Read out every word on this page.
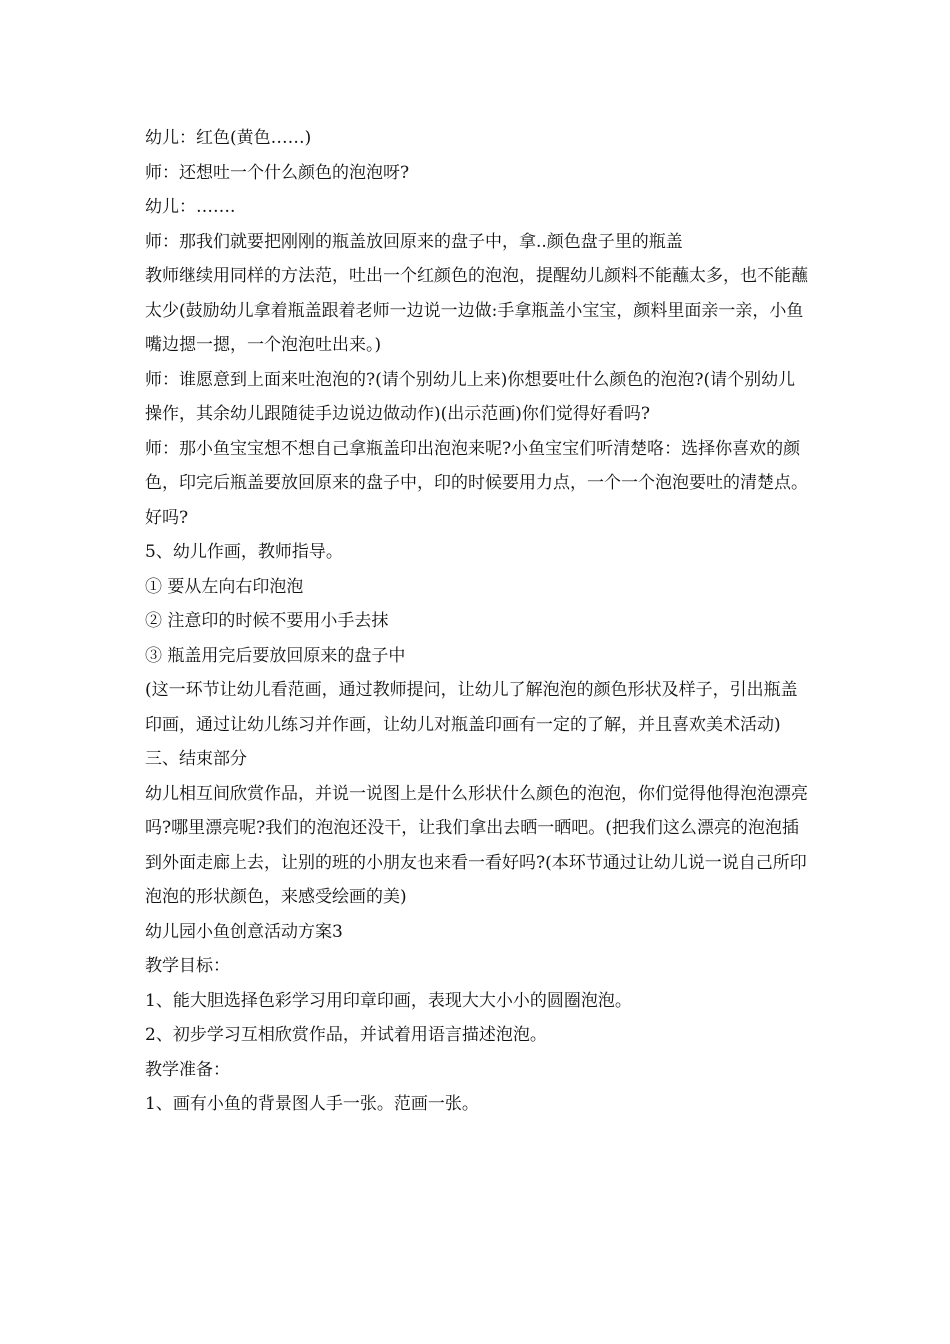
幼儿：红色(黄色……)

师：还想吐一个什么颜色的泡泡呀?

幼儿：…….

师：那我们就要把刚刚的瓶盖放回原来的盘子中，拿..颜色盘子里的瓶盖

教师继续用同样的方法范，吐出一个红颜色的泡泡，提醒幼儿颜料不能蘸太多，也不能蘸太少(鼓励幼儿拿着瓶盖跟着老师一边说一边做:手拿瓶盖小宝宝，颜料里面亲一亲，小鱼嘴边摁一摁，一个泡泡吐出来。)

师：谁愿意到上面来吐泡泡的?(请个别幼儿上来)你想要吐什么颜色的泡泡?(请个别幼儿操作，其余幼儿跟随徒手边说边做动作)(出示范画)你们觉得好看吗?

师：那小鱼宝宝想不想自己拿瓶盖印出泡泡来呢?小鱼宝宝们听清楚咯：选择你喜欢的颜色，印完后瓶盖要放回原来的盘子中，印的时候要用力点，一个一个泡泡要吐的清楚点。好吗?

5、幼儿作画，教师指导。

① 要从左向右印泡泡

② 注意印的时候不要用小手去抹

③ 瓶盖用完后要放回原来的盘子中

(这一环节让幼儿看范画，通过教师提问，让幼儿了解泡泡的颜色形状及样子，引出瓶盖印画，通过让幼儿练习并作画，让幼儿对瓶盖印画有一定的了解，并且喜欢美术活动)

三、结束部分

幼儿相互间欣赏作品，并说一说图上是什么形状什么颜色的泡泡，你们觉得他得泡泡漂亮吗?哪里漂亮呢?我们的泡泡还没干，让我们拿出去晒一晒吧。(把我们这么漂亮的泡泡插到外面走廊上去，让别的班的小朋友也来看一看好吗?(本环节通过让幼儿说一说自己所印泡泡的形状颜色，来感受绘画的美)

幼儿园小鱼创意活动方案3

教学目标：

1、能大胆选择色彩学习用印章印画，表现大大小小的圆圈泡泡。

2、初步学习互相欣赏作品，并试着用语言描述泡泡。

教学准备：

1、画有小鱼的背景图人手一张。范画一张。
